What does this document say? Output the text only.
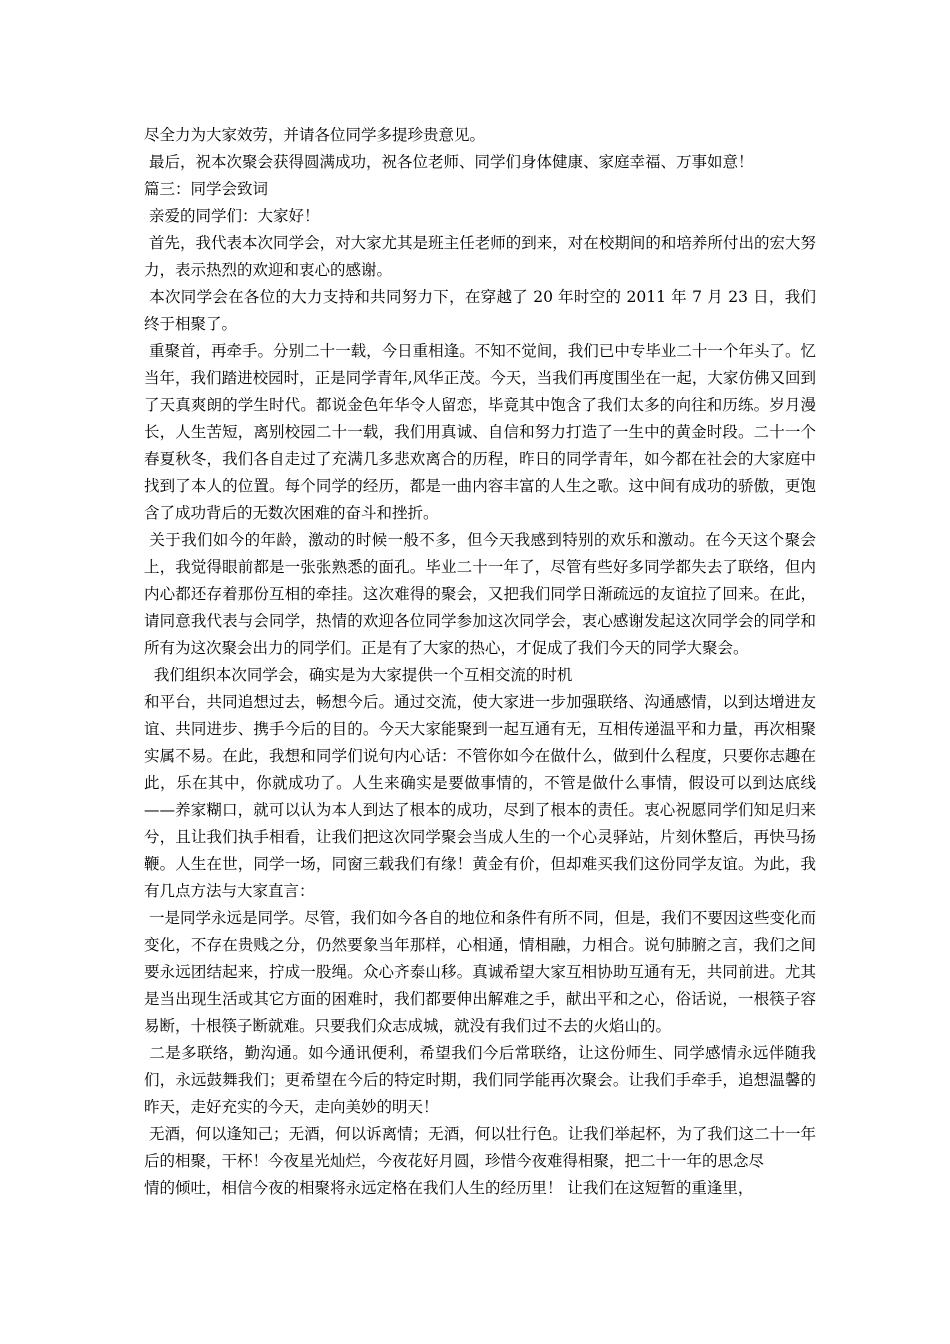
尽全力为大家效劳，并请各位同学多提珍贵意见。

最后，祝本次聚会获得圆满成功，祝各位老师、同学们身体健康、家庭幸福、万事如意！

篇三：同学会致词

亲爱的同学们：大家好！

首先，我代表本次同学会，对大家尤其是班主任老师的到来，对在校期间的和培养所付出的宏大努力，表示热烈的欢迎和衷心的感谢。

本次同学会在各位的大力支持和共同努力下，在穿越了 20 年时空的 2011 年 7 月 23 日，我们终于相聚了。

重聚首，再牵手。分别二十一载，今日重相逢。不知不觉间，我们已中专毕业二十一个年头了。忆当年，我们踏进校园时，正是同学青年,风华正茂。今天，当我们再度围坐在一起，大家仿佛又回到了天真爽朗的学生时代。都说金色年华令人留恋，毕竟其中饱含了我们太多的向往和历练。岁月漫长，人生苦短，离别校园二十一载，我们用真诚、自信和努力打造了一生中的黄金时段。二十一个春夏秋冬，我们各自走过了充满几多悲欢离合的历程，昨日的同学青年，如今都在社会的大家庭中找到了本人的位置。每个同学的经历，都是一曲内容丰富的人生之歌。这中间有成功的骄傲，更饱含了成功背后的无数次困难的奋斗和挫折。

关于我们如今的年龄，激动的时候一般不多，但今天我感到特别的欢乐和激动。在今天这个聚会上，我觉得眼前都是一张张熟悉的面孔。毕业二十一年了，尽管有些好多同学都失去了联络，但内内心都还存着那份互相的牵挂。这次难得的聚会，又把我们同学日渐疏远的友谊拉了回来。在此，请同意我代表与会同学，热情的欢迎各位同学参加这次同学会，衷心感谢发起这次同学会的同学和所有为这次聚会出力的同学们。正是有了大家的热心，才促成了我们今天的同学大聚会。

我们组织本次同学会，确实是为大家提供一个互相交流的时机

和平台，共同追想过去，畅想今后。通过交流，使大家进一步加强联络、沟通感情，以到达增进友谊、共同进步、携手今后的目的。今天大家能聚到一起互通有无，互相传递温平和力量，再次相聚实属不易。在此，我想和同学们说句内心话：不管你如今在做什么，做到什么程度，只要你志趣在此，乐在其中，你就成功了。人生来确实是要做事情的，不管是做什么事情，假设可以到达底线——养家糊口，就可以认为本人到达了根本的成功，尽到了根本的责任。衷心祝愿同学们知足归来兮，且让我们执手相看，让我们把这次同学聚会当成人生的一个心灵驿站，片刻休整后，再快马扬鞭。人生在世，同学一场，同窗三载我们有缘！黄金有价，但却难买我们这份同学友谊。为此，我有几点方法与大家直言：

一是同学永远是同学。尽管，我们如今各自的地位和条件有所不同，但是，我们不要因这些变化而变化，不存在贵贱之分，仍然要象当年那样，心相通，情相融，力相合。说句肺腑之言，我们之间要永远团结起来，拧成一股绳。众心齐泰山移。真诚希望大家互相协助互通有无，共同前进。尤其是当出现生活或其它方面的困难时，我们都要伸出解难之手，献出平和之心，俗话说，一根筷子容易断，十根筷子断就难。只要我们众志成城，就没有我们过不去的火焰山的。

二是多联络，勤沟通。如今通讯便利，希望我们今后常联络，让这份师生、同学感情永远伴随我们，永远鼓舞我们；更希望在今后的特定时期，我们同学能再次聚会。让我们手牵手，追想温馨的昨天，走好充实的今天，走向美妙的明天！

无酒，何以逢知己；无酒，何以诉离情；无酒，何以壮行色。让我们举起杯，为了我们这二十一年后的相聚，干杯！今夜星光灿烂，今夜花好月圆，珍惜今夜难得相聚，把二十一年的思念尽

情的倾吐，相信今夜的相聚将永远定格在我们人生的经历里！ 让我们在这短暂的重逢里，
